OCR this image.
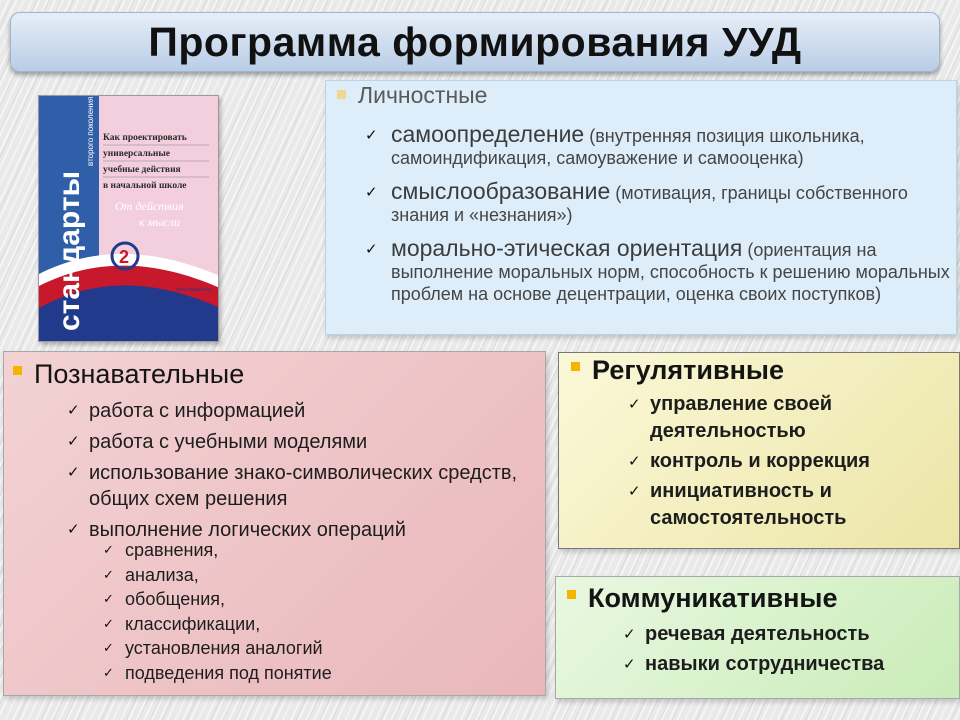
Программа формирования УУД
стандарты
второго поколения Как проектировать универсальные учебные действия в начальной школе
От действия к мысли
2
ПРОСВЕЩЕНИЕ
Личностные
✓ самоопределение (внутренняя позиция школьника, самоиндификация, самоуважение и самооценка)
✓ смыслообразование (мотивация, границы собственного знания и «незнания»)
✓ морально-этическая ориентация (ориентация на выполнение моральных норм, способность к решению моральных проблем на основе децентрации, оценка своих поступков)
Познавательные
✓ работа с информацией
✓ работа с учебными моделями
✓ использование знако-символических средств, общих схем решения
✓ выполнение логических операций
✓ сравнения,
✓ анализа,
✓ обобщения,
✓ классификации,
✓ установления аналогий
✓ подведения под понятие
Регулятивные
✓ управление своей деятельностью
✓ контроль и коррекция
✓ инициативность и самостоятельность
Коммуникативные
✓ речевая деятельность
✓ навыки сотрудничества
